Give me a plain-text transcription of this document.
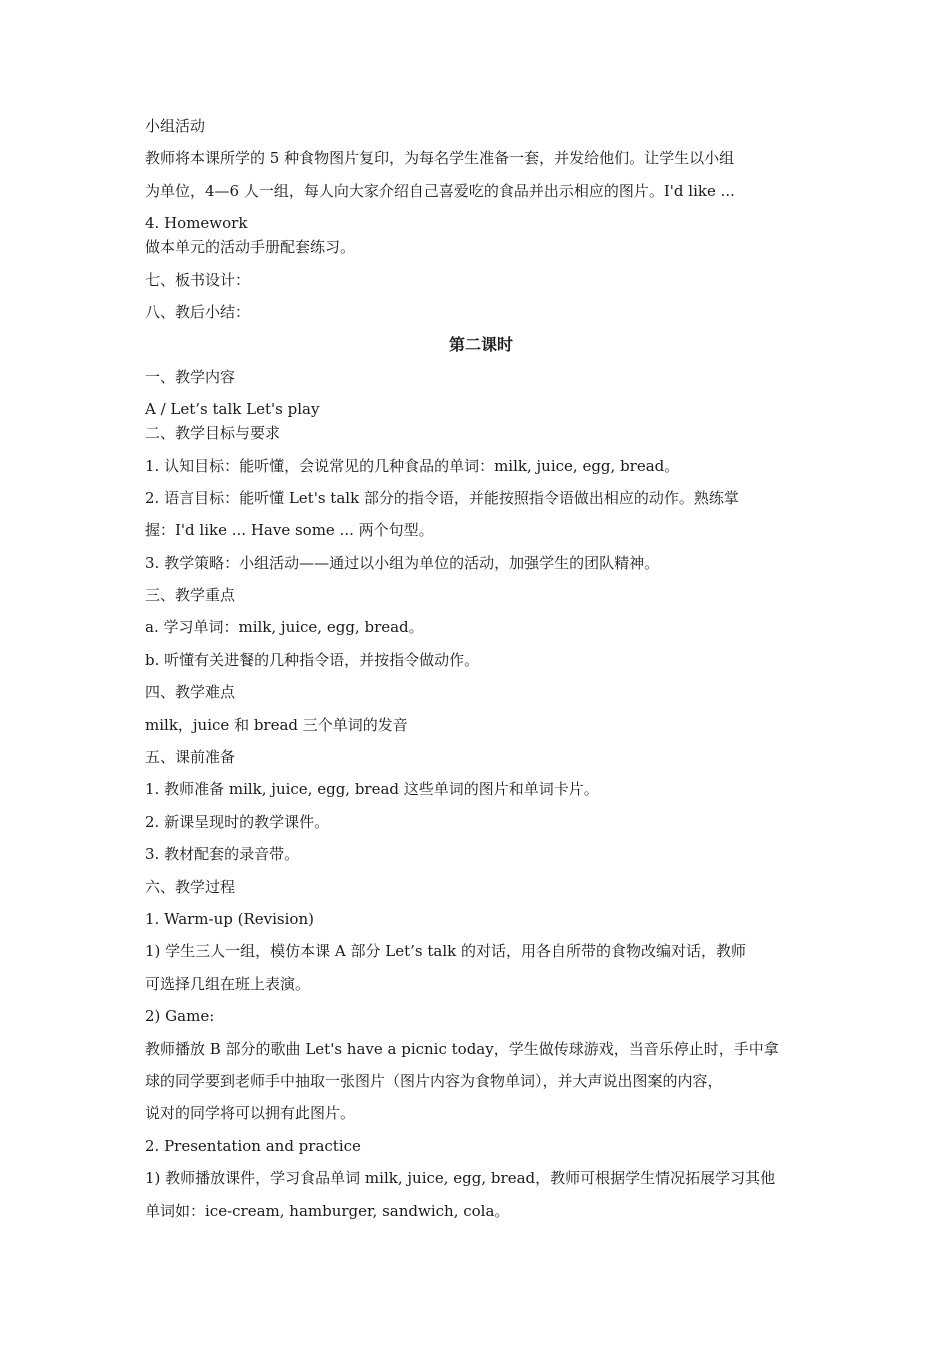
小组活动
教师将本课所学的 5 种食物图片复印，为每名学生准备一套，并发给他们。让学生以小组
为单位，4—6 人一组，每人向大家介绍自己喜爱吃的食品并出示相应的图片。I'd like ...
4. Homework
做本单元的活动手册配套练习。
七、板书设计：
八、教后小结：
第二课时
一、教学内容
A / Let’s talk Let's play
二、教学目标与要求
1. 认知目标：能听懂，会说常见的几种食品的单词：milk, juice, egg, bread。
2. 语言目标：能听懂 Let's talk 部分的指令语，并能按照指令语做出相应的动作。熟练掌
握：I'd like ... Have some ... 两个句型。
3. 教学策略：小组活动——通过以小组为单位的活动，加强学生的团队精神。
三、教学重点
a. 学习单词：milk, juice, egg, bread。
b. 听懂有关进餐的几种指令语，并按指令做动作。
四、教学难点
milk，juice 和 bread 三个单词的发音
五、课前准备
1. 教师准备 milk, juice, egg, bread 这些单词的图片和单词卡片。
2. 新课呈现时的教学课件。
3. 教材配套的录音带。
六、教学过程
1. Warm-up (Revision)
1) 学生三人一组，模仿本课 A 部分 Let’s talk 的对话，用各自所带的食物改编对话，教师
可选择几组在班上表演。
2) Game:
教师播放 B 部分的歌曲 Let's have a picnic today，学生做传球游戏，当音乐停止时，手中拿
球的同学要到老师手中抽取一张图片（图片内容为食物单词），并大声说出图案的内容，
说对的同学将可以拥有此图片。
2. Presentation and practice
1) 教师播放课件，学习食品单词 milk, juice, egg, bread，教师可根据学生情况拓展学习其他
单词如：ice-cream, hamburger, sandwich, cola。
